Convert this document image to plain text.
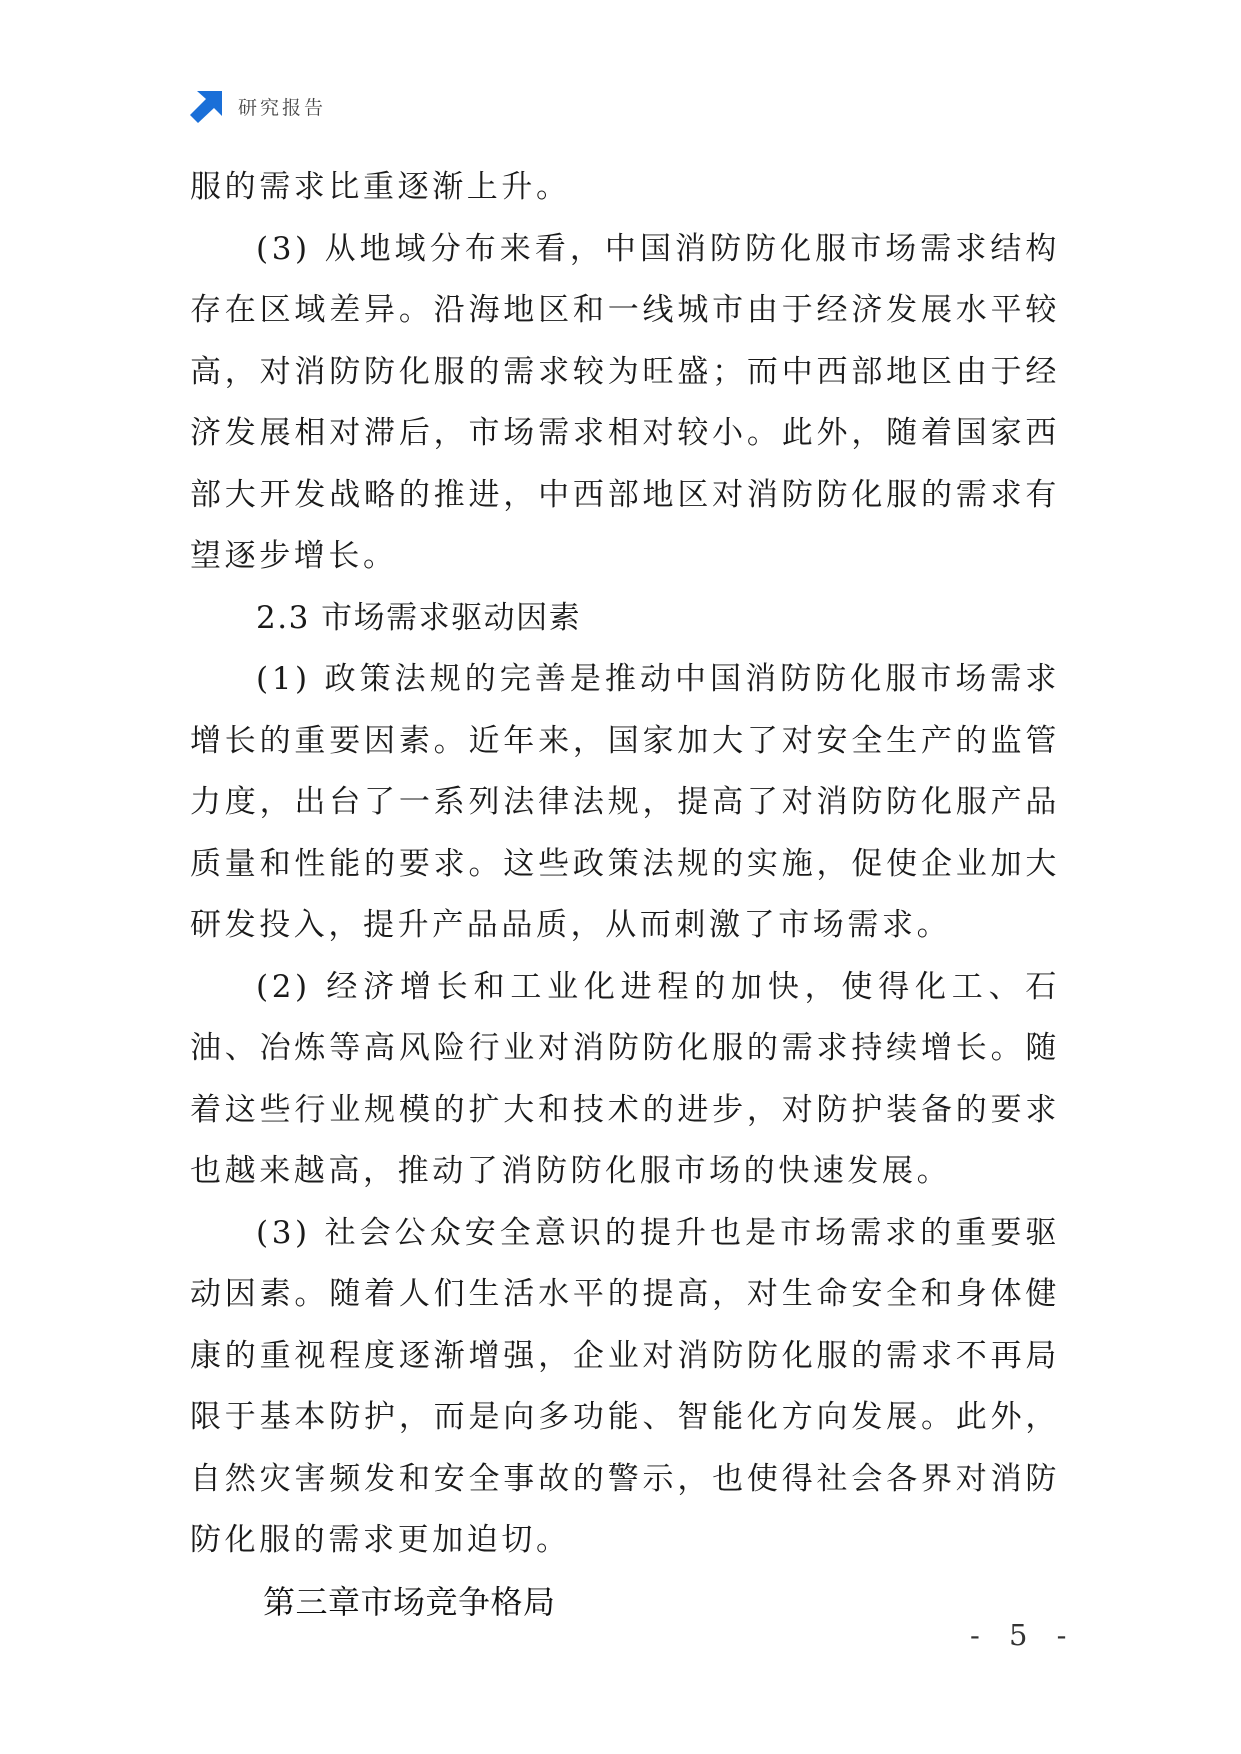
研究报告

服的需求比重逐渐上升。

(3) 从地域分布来看，中国消防防化服市场需求结构存在区域差异。沿海地区和一线城市由于经济发展水平较高，对消防防化服的需求较为旺盛；而中西部地区由于经济发展相对滞后，市场需求相对较小。此外，随着国家西部大开发战略的推进，中西部地区对消防防化服的需求有望逐步增长。

2.3 市场需求驱动因素

(1) 政策法规的完善是推动中国消防防化服市场需求增长的重要因素。近年来，国家加大了对安全生产的监管力度，出台了一系列法律法规，提高了对消防防化服产品质量和性能的要求。这些政策法规的实施，促使企业加大研发投入，提升产品品质，从而刺激了市场需求。

(2) 经济增长和工业化进程的加快，使得化工、石油、冶炼等高风险行业对消防防化服的需求持续增长。随着这些行业规模的扩大和技术的进步，对防护装备的要求也越来越高，推动了消防防化服市场的快速发展。

(3) 社会公众安全意识的提升也是市场需求的重要驱动因素。随着人们生活水平的提高，对生命安全和身体健康的重视程度逐渐增强，企业对消防防化服的需求不再局限于基本防护，而是向多功能、智能化方向发展。此外，自然灾害频发和安全事故的警示，也使得社会各界对消防防化服的需求更加迫切。

第三章市场竞争格局

- 5 -
